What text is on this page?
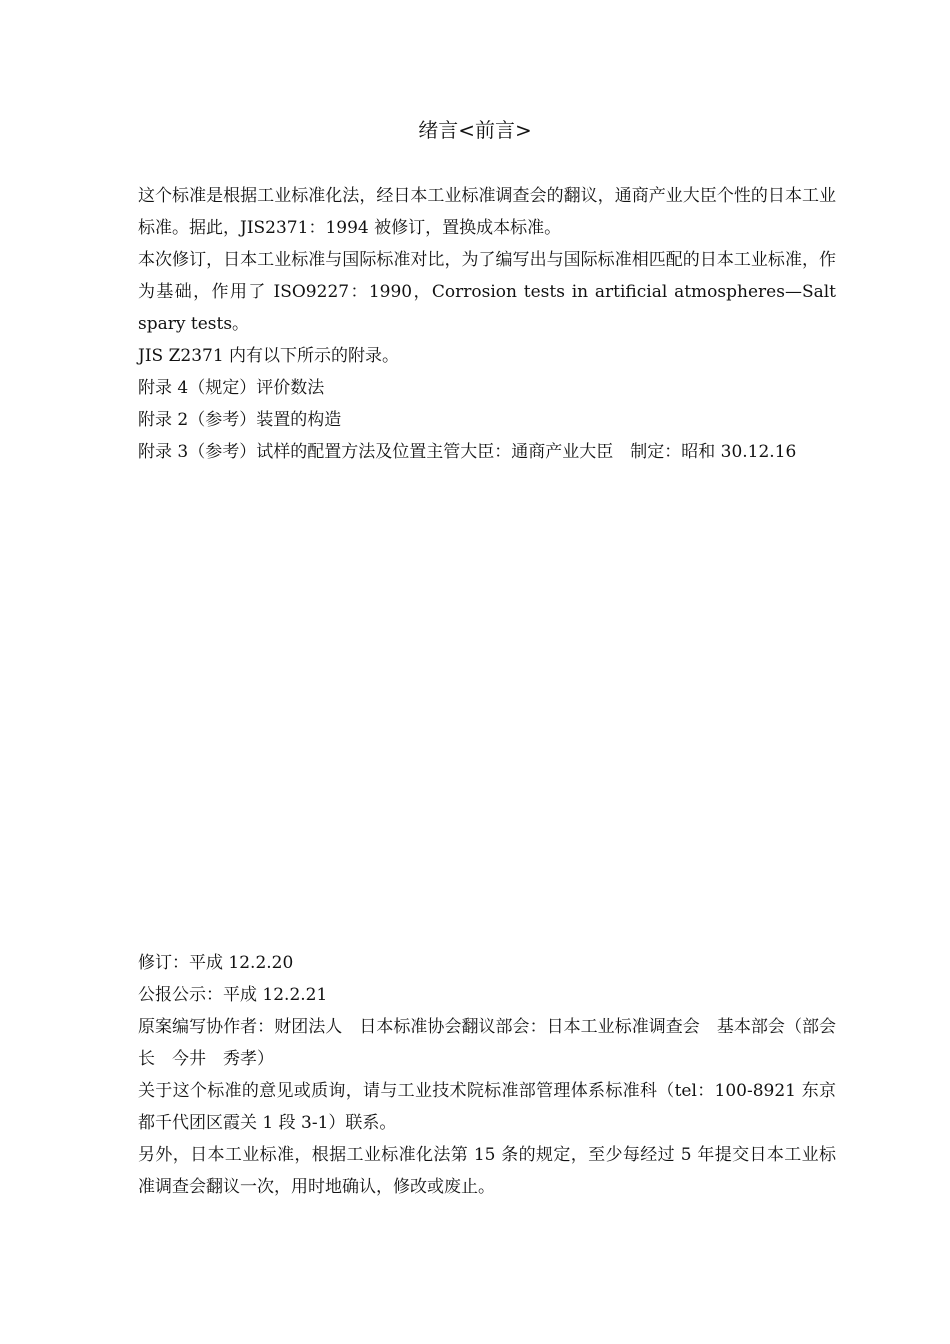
绪言<前言>

这个标准是根据工业标准化法，经日本工业标准调查会的翻议，通商产业大臣个性的日本工业标准。据此，JIS2371：1994 被修订，置换成本标准。

本次修订，日本工业标准与国际标准对比，为了编写出与国际标准相匹配的日本工业标准，作为基础，作用了 ISO9227：1990，Corrosion tests in artificial atmospheres—Salt spary tests。

JIS Z2371 内有以下所示的附录。

附录 4（规定）评价数法

附录 2（参考）装置的构造

附录 3（参考）试样的配置方法及位置主管大臣：通商产业大臣　制定：昭和 30.12.16

修订：平成 12.2.20

公报公示：平成 12.2.21

原案编写协作者：财团法人　日本标准协会翻议部会：日本工业标准调查会　基本部会（部会长　今井　秀孝）

关于这个标准的意见或质询，请与工业技术院标准部管理体系标准科（tel：100-8921 东京都千代团区霞关 1 段 3-1）联系。

另外，日本工业标准，根据工业标准化法第 15 条的规定，至少每经过 5 年提交日本工业标准调查会翻议一次，用时地确认，修改或废止。
